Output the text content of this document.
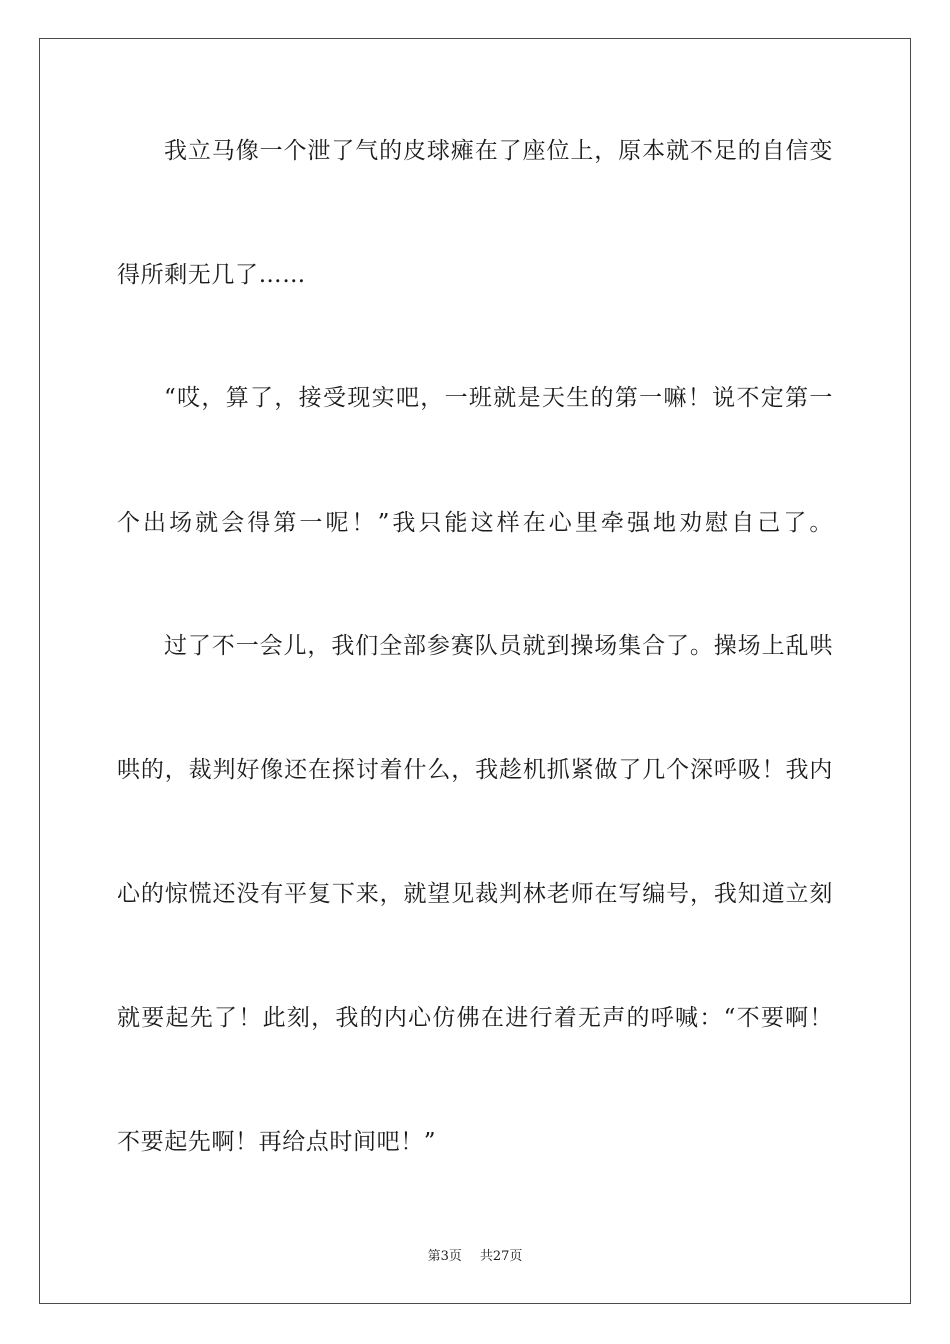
我立马像一个泄了气的皮球瘫在了座位上，原本就不足的自信变
得所剩无几了……
“哎，算了，接受现实吧，一班就是天生的第一嘛！说不定第一
个出场就会得第一呢！”我只能这样在心里牵强地劝慰自己了。
过了不一会儿，我们全部参赛队员就到操场集合了。操场上乱哄
哄的，裁判好像还在探讨着什么，我趁机抓紧做了几个深呼吸！我内
心的惊慌还没有平复下来，就望见裁判林老师在写编号，我知道立刻
就要起先了！此刻，我的内心仿佛在进行着无声的呼喊：“不要啊！
不要起先啊！再给点时间吧！”
第3页 共27页
